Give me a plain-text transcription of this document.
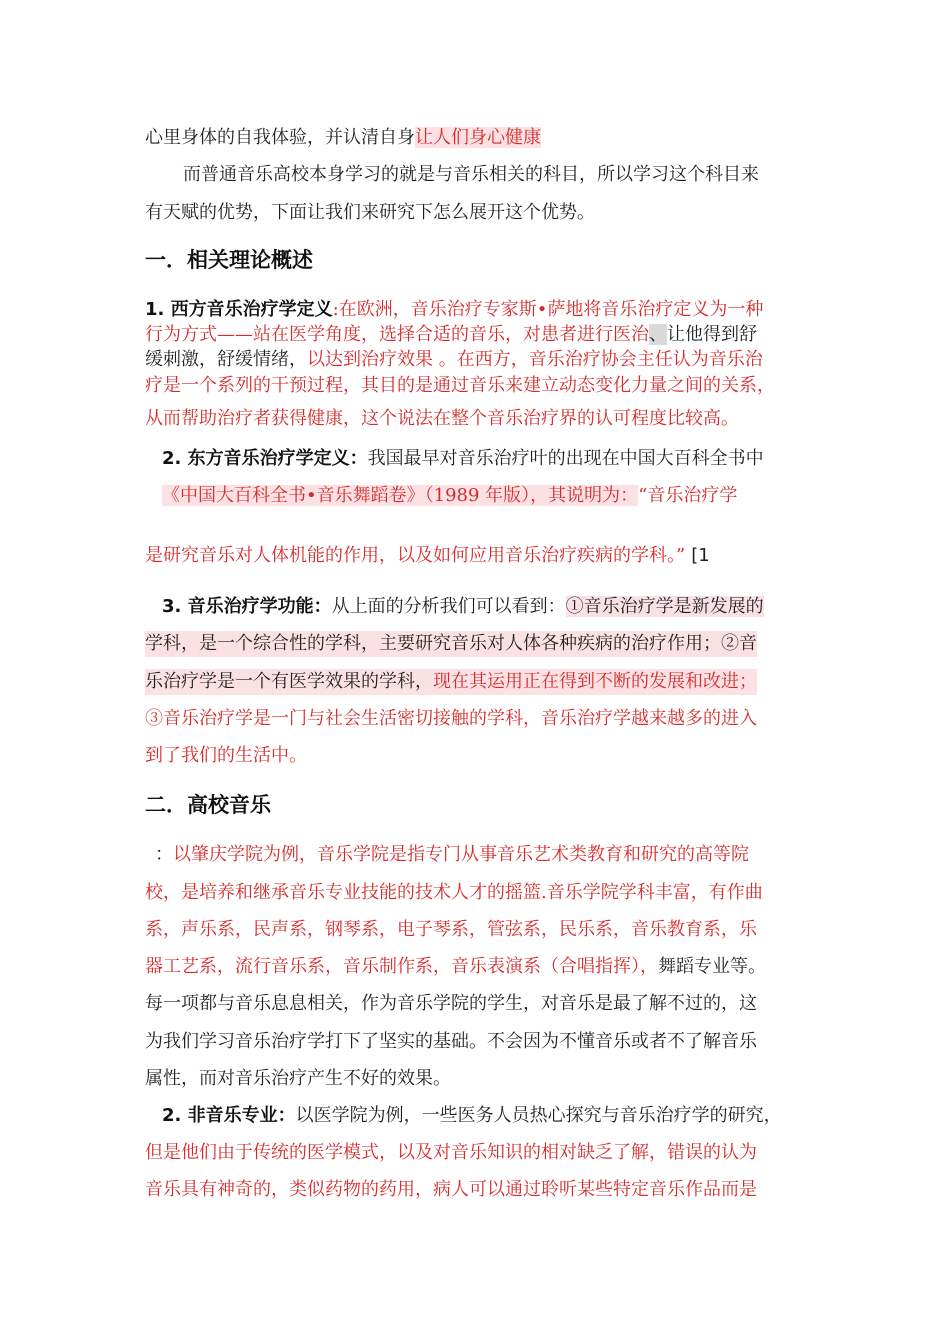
心里身体的自我体验，并认清自身让人们身心健康
而普通音乐高校本身学习的就是与音乐相关的科目，所以学习这个科目来
有天赋的优势，下面让我们来研究下怎么展开这个优势。
一．相关理论概述
1. 西方音乐治疗学定义:在欧洲，音乐治疗专家斯•萨地将音乐治疗定义为一种
行为方式——站在医学角度，选择合适的音乐，对患者进行医治、让他得到舒
缓刺激，舒缓情绪，以达到治疗效果 。在西方，音乐治疗协会主任认为音乐治
疗是一个系列的干预过程，其目的是通过音乐来建立动态变化力量之间的关系，
从而帮助治疗者获得健康，这个说法在整个音乐治疗界的认可程度比较高。
2. 东方音乐治疗学定义：我国最早对音乐治疗叶的出现在中国大百科全书中
《中国大百科全书•音乐舞蹈卷》（1989 年版），其说明为：“音乐治疗学
是研究音乐对人体机能的作用，以及如何应用音乐治疗疾病的学科。” [1
3. 音乐治疗学功能：从上面的分析我们可以看到：①音乐治疗学是新发展的
学科，是一个综合性的学科，主要研究音乐对人体各种疾病的治疗作用；②音
乐治疗学是一个有医学效果的学科，现在其运用正在得到不断的发展和改进；
③音乐治疗学是一门与社会生活密切接触的学科，音乐治疗学越来越多的进入
到了我们的生活中。
二．高校音乐
：以肇庆学院为例，音乐学院是指专门从事音乐艺术类教育和研究的高等院
校，是培养和继承音乐专业技能的技术人才的摇篮.音乐学院学科丰富，有作曲
系，声乐系，民声系，钢琴系，电子琴系，管弦系，民乐系，音乐教育系，乐
器工艺系，流行音乐系，音乐制作系，音乐表演系（合唱指挥），舞蹈专业等。
每一项都与音乐息息相关，作为音乐学院的学生，对音乐是最了解不过的，这
为我们学习音乐治疗学打下了坚实的基础。不会因为不懂音乐或者不了解音乐
属性，而对音乐治疗产生不好的效果。
2. 非音乐专业：以医学院为例，一些医务人员热心探究与音乐治疗学的研究，
但是他们由于传统的医学模式，以及对音乐知识的相对缺乏了解，错误的认为
音乐具有神奇的，类似药物的药用，病人可以通过聆听某些特定音乐作品而是
